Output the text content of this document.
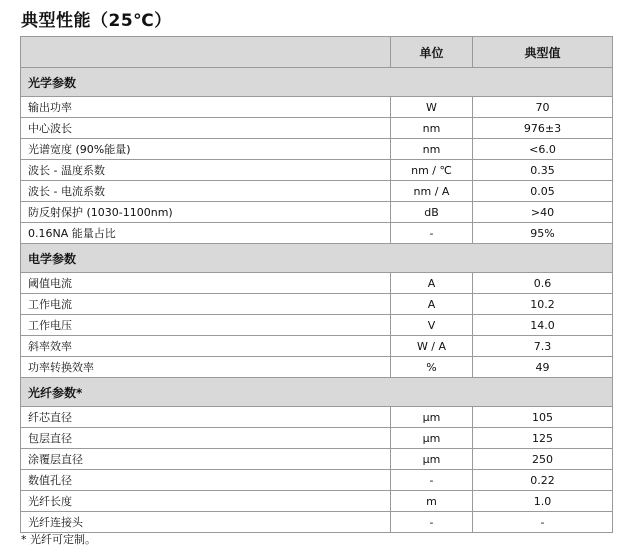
典型性能（25℃）
	单位	典型值
光学参数		
输出功率	W	70
中心波长	nm	976±3
光谱宽度 (90%能量)	nm	<6.0
波长 - 温度系数	nm / ℃	0.35
波长 - 电流系数	nm / A	0.05
防反射保护 (1030-1100nm)	dB	>40
0.16NA 能量占比	-	95%
电学参数		
阈值电流	A	0.6
工作电流	A	10.2
工作电压	V	14.0
斜率效率	W / A	7.3
功率转换效率	%	49
光纤参数*		
纤芯直径	μm	105
包层直径	μm	125
涂覆层直径	μm	250
数值孔径	-	0.22
光纤长度	m	1.0
光纤连接头	-	-
* 光纤可定制。
